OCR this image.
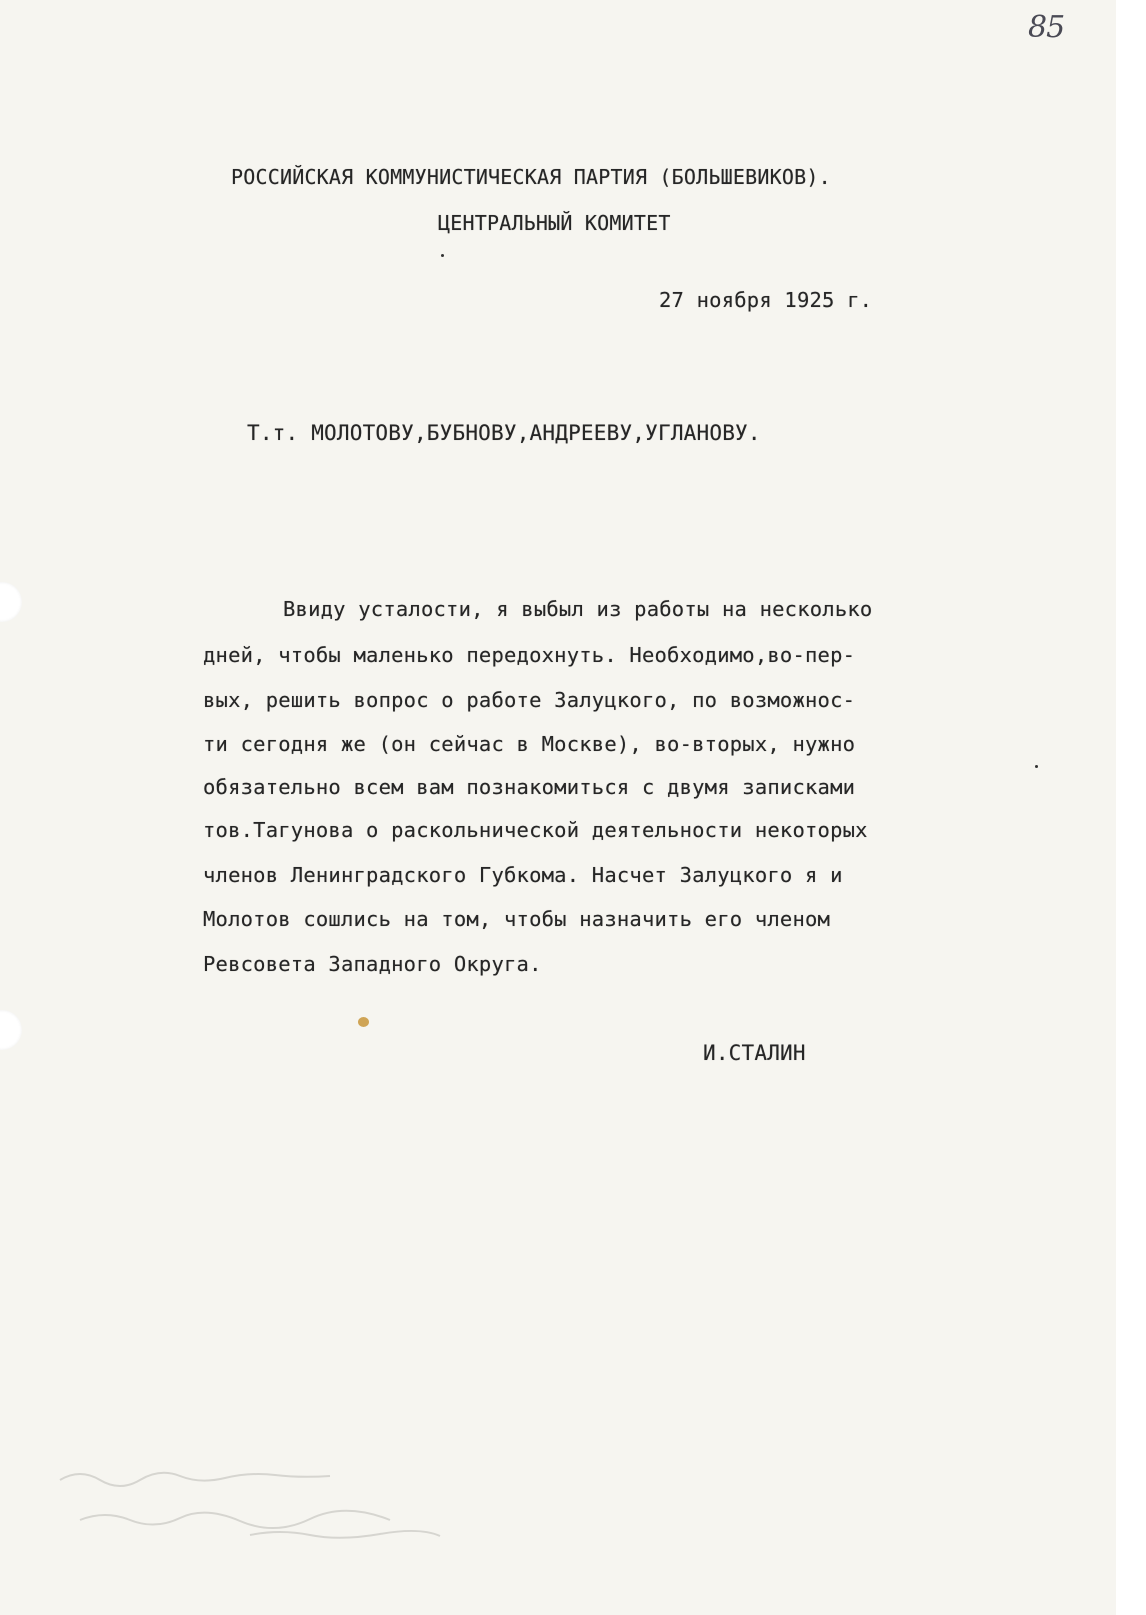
85
РОССИЙСКАЯ КОММУНИСТИЧЕСКАЯ ПАРТИЯ (БОЛЬШЕВИКОВ).
ЦЕНТРАЛЬНЫЙ КОМИТЕТ
27 ноября 1925 г.
Т.т. МОЛОТОВУ,БУБНОВУ,АНДРЕЕВУ,УГЛАНОВУ.
Ввиду усталости, я выбыл из работы на несколько
дней, чтобы маленько передохнуть. Необходимо,во-пер-
вых, решить вопрос о работе Залуцкого, по возможнос-
ти сегодня же (он сейчас в Москве), во-вторых, нужно
обязательно всем вам познакомиться с двумя записками
тов.Тагунова о раскольнической деятельности некоторых
членов Ленинградского Губкома. Насчет Залуцкого я и
Молотов сошлись на том, чтобы назначить его членом
Ревсовета Западного Округа.
И.СТАЛИН
